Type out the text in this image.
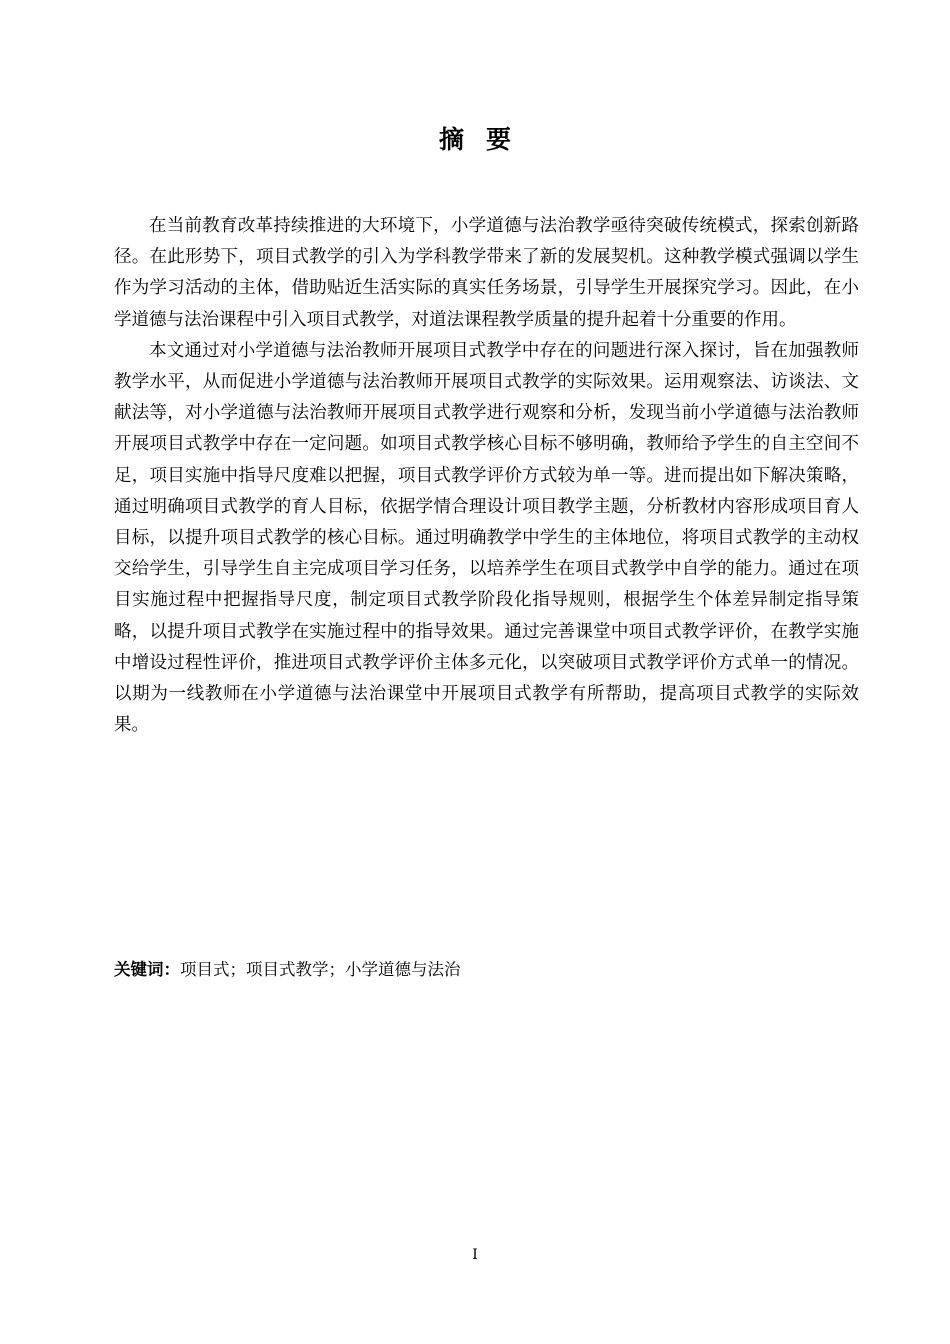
摘要

在当前教育改革持续推进的大环境下，小学道德与法治教学亟待突破传统模式，探索创新路径。在此形势下，项目式教学的引入为学科教学带来了新的发展契机。这种教学模式强调以学生作为学习活动的主体，借助贴近生活实际的真实任务场景，引导学生开展探究学习。因此，在小学道德与法治课程中引入项目式教学，对道法课程教学质量的提升起着十分重要的作用。

本文通过对小学道德与法治教师开展项目式教学中存在的问题进行深入探讨，旨在加强教师教学水平，从而促进小学道德与法治教师开展项目式教学的实际效果。运用观察法、访谈法、文献法等，对小学道德与法治教师开展项目式教学进行观察和分析，发现当前小学道德与法治教师开展项目式教学中存在一定问题。如项目式教学核心目标不够明确，教师给予学生的自主空间不足，项目实施中指导尺度难以把握，项目式教学评价方式较为单一等。进而提出如下解决策略，通过明确项目式教学的育人目标，依据学情合理设计项目教学主题，分析教材内容形成项目育人目标，以提升项目式教学的核心目标。通过明确教学中学生的主体地位，将项目式教学的主动权交给学生，引导学生自主完成项目学习任务，以培养学生在项目式教学中自学的能力。通过在项目实施过程中把握指导尺度，制定项目式教学阶段化指导规则，根据学生个体差异制定指导策略，以提升项目式教学在实施过程中的指导效果。通过完善课堂中项目式教学评价，在教学实施中增设过程性评价，推进项目式教学评价主体多元化，以突破项目式教学评价方式单一的情况。以期为一线教师在小学道德与法治课堂中开展项目式教学有所帮助，提高项目式教学的实际效果。

关键词：项目式；项目式教学；小学道德与法治
I
